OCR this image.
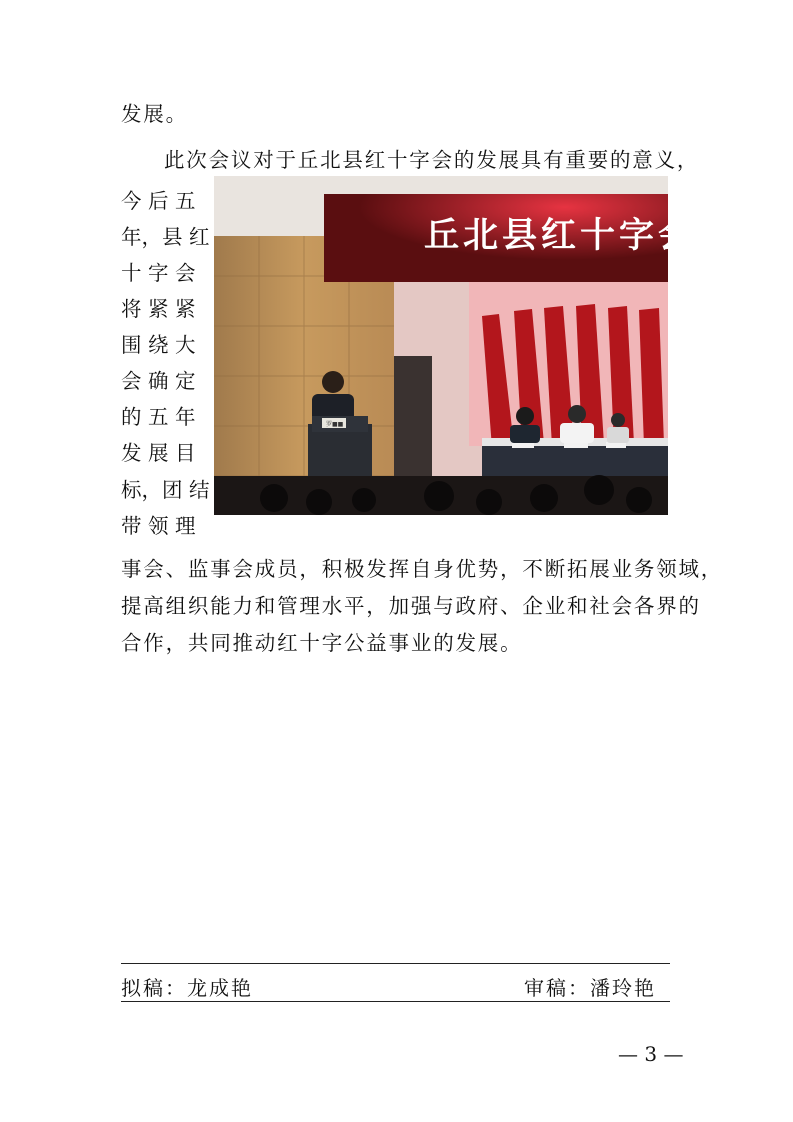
发展。
此次会议对于丘北县红十字会的发展具有重要的意义，
今 后 五
年，县 红
十 字 会
将 紧 紧
围 绕 大
会 确 定
的 五 年
发 展 目
标，团 结
带 领 理
丘北县红十字会
罗■■
事会、监事会成员，积极发挥自身优势，不断拓展业务领域，
提高组织能力和管理水平，加强与政府、企业和社会各界的
合作，共同推动红十字公益事业的发展。
拟稿：龙成艳	审稿：潘玲艳
— 3 —
